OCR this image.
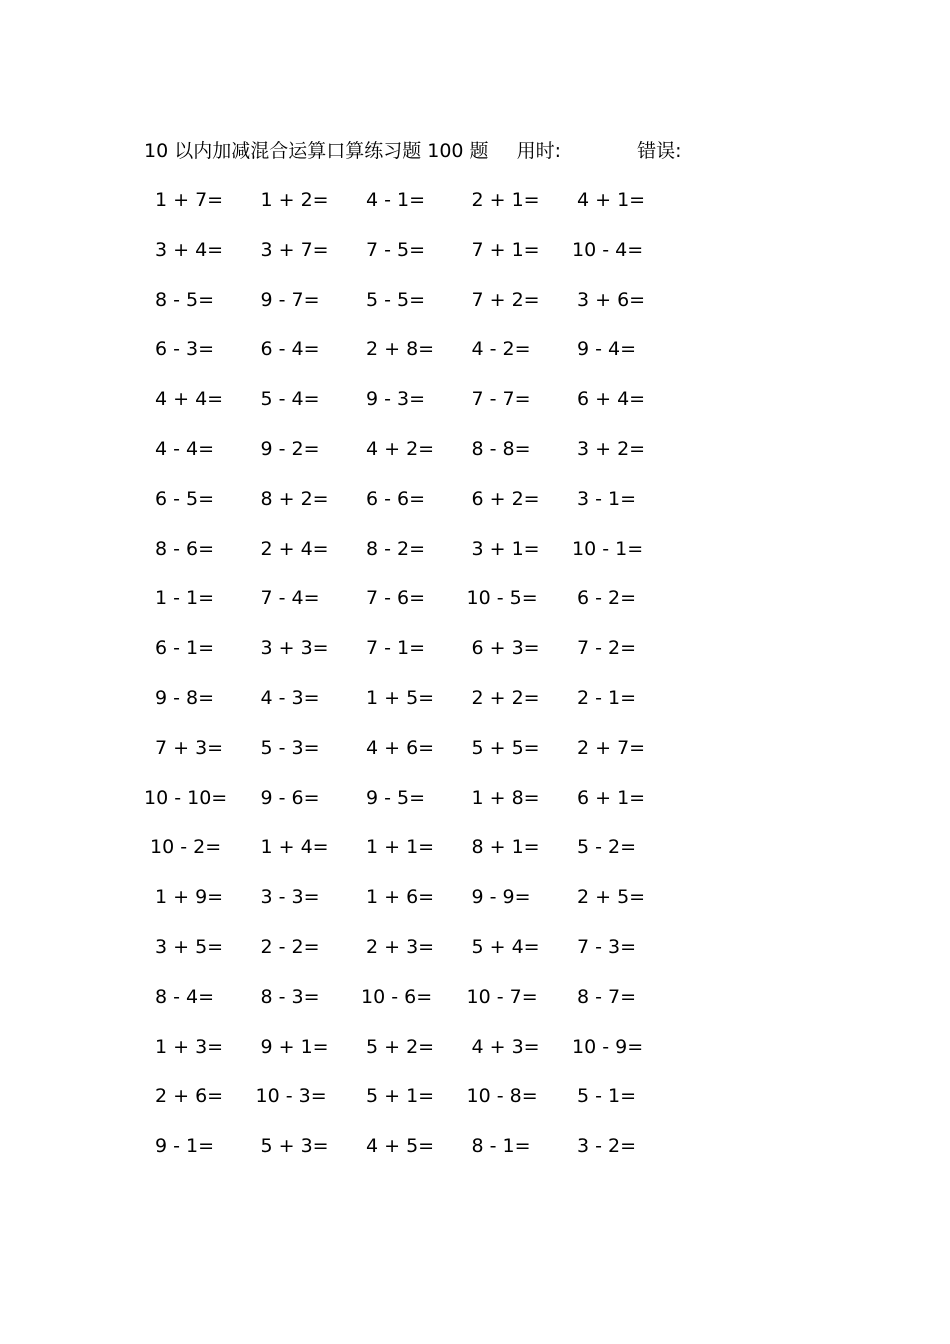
10 以内加减混合运算口算练习题 100 题 用时:	错误:
1 + 7=	1 + 2=	4 - 1=	2 + 1=	4 + 1=
3 + 4=	3 + 7=	7 - 5=	7 + 1=	10 - 4=
8 - 5=	9 - 7=	5 - 5=	7 + 2=	3 + 6=
6 - 3=	6 - 4=	2 + 8=	4 - 2=	9 - 4=
4 + 4=	5 - 4=	9 - 3=	7 - 7=	6 + 4=
4 - 4=	9 - 2=	4 + 2=	8 - 8=	3 + 2=
6 - 5=	8 + 2=	6 - 6=	6 + 2=	3 - 1=
8 - 6=	2 + 4=	8 - 2=	3 + 1=	10 - 1=
1 - 1=	7 - 4=	7 - 6=	10 - 5=	6 - 2=
6 - 1=	3 + 3=	7 - 1=	6 + 3=	7 - 2=
9 - 8=	4 - 3=	1 + 5=	2 + 2=	2 - 1=
7 + 3=	5 - 3=	4 + 6=	5 + 5=	2 + 7=
10 - 10=	9 - 6=	9 - 5=	1 + 8=	6 + 1=
10 - 2=	1 + 4=	1 + 1=	8 + 1=	5 - 2=
1 + 9=	3 - 3=	1 + 6=	9 - 9=	2 + 5=
3 + 5=	2 - 2=	2 + 3=	5 + 4=	7 - 3=
8 - 4=	8 - 3=	10 - 6=	10 - 7=	8 - 7=
1 + 3=	9 + 1=	5 + 2=	4 + 3=	10 - 9=
2 + 6=	10 - 3=	5 + 1=	10 - 8=	5 - 1=
9 - 1=	5 + 3=	4 + 5=	8 - 1=	3 - 2=
